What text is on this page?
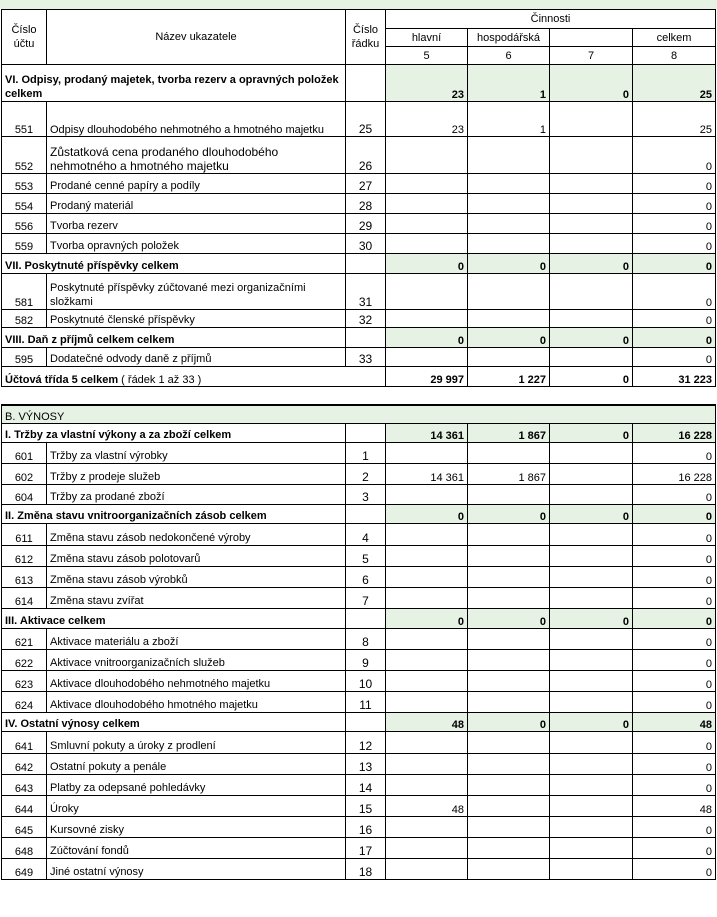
Číslo účtu	Název ukazatele	Číslo řádku	Činnosti			
			hlavní	hospodářská		celkem
			5	6	7	8
VI. Odpisy, prodaný majetek, tvorba rezerv a opravných položek celkem			23	1	0	25
551	Odpisy dlouhodobého nehmotného a hmotného majetku	25	23	1		25
552	Zůstatková cena prodaného dlouhodobého nehmotného a hmotného majetku	26				0
553	Prodané cenné papíry a podíly	27				0
554	Prodaný materiál	28				0
556	Tvorba rezerv	29				0
559	Tvorba opravných položek	30				0
VII. Poskytnuté příspěvky celkem			0	0	0	0
581	Poskytnuté příspěvky zúčtované mezi organizačními složkami	31				0
582	Poskytnuté členské příspěvky	32				0
VIII. Daň z příjmů celkem celkem			0	0	0	0
595	Dodatečné odvody daně z příjmů	33				0
Účtová třída 5 celkem ( řádek 1 až 33 )			29 997	1 227	0	31 223

B. VÝNOSY						
I. Tržby za vlastní výkony a za zboží celkem			14 361	1 867	0	16 228
601	Tržby za vlastní výrobky	1				0
602	Tržby z prodeje služeb	2	14 361	1 867		16 228
604	Tržby za prodané zboží	3				0
II. Změna stavu vnitroorganizačních zásob celkem			0	0	0	0
611	Změna stavu zásob nedokončené výroby	4				0
612	Změna stavu zásob polotovarů	5				0
613	Změna stavu zásob výrobků	6				0
614	Změna stavu zvířat	7				0
III. Aktivace celkem			0	0	0	0
621	Aktivace materiálu a zboží	8				0
622	Aktivace vnitroorganizačních služeb	9				0
623	Aktivace dlouhodobého nehmotného majetku	10				0
624	Aktivace dlouhodobého hmotného majetku	11				0
IV. Ostatní výnosy celkem			48	0	0	48
641	Smluvní pokuty a úroky z prodlení	12				0
642	Ostatní pokuty a penále	13				0
643	Platby za odepsané pohledávky	14				0
644	Úroky	15	48			48
645	Kursovné zisky	16				0
648	Zúčtování fondů	17				0
649	Jiné ostatní výnosy	18				0
